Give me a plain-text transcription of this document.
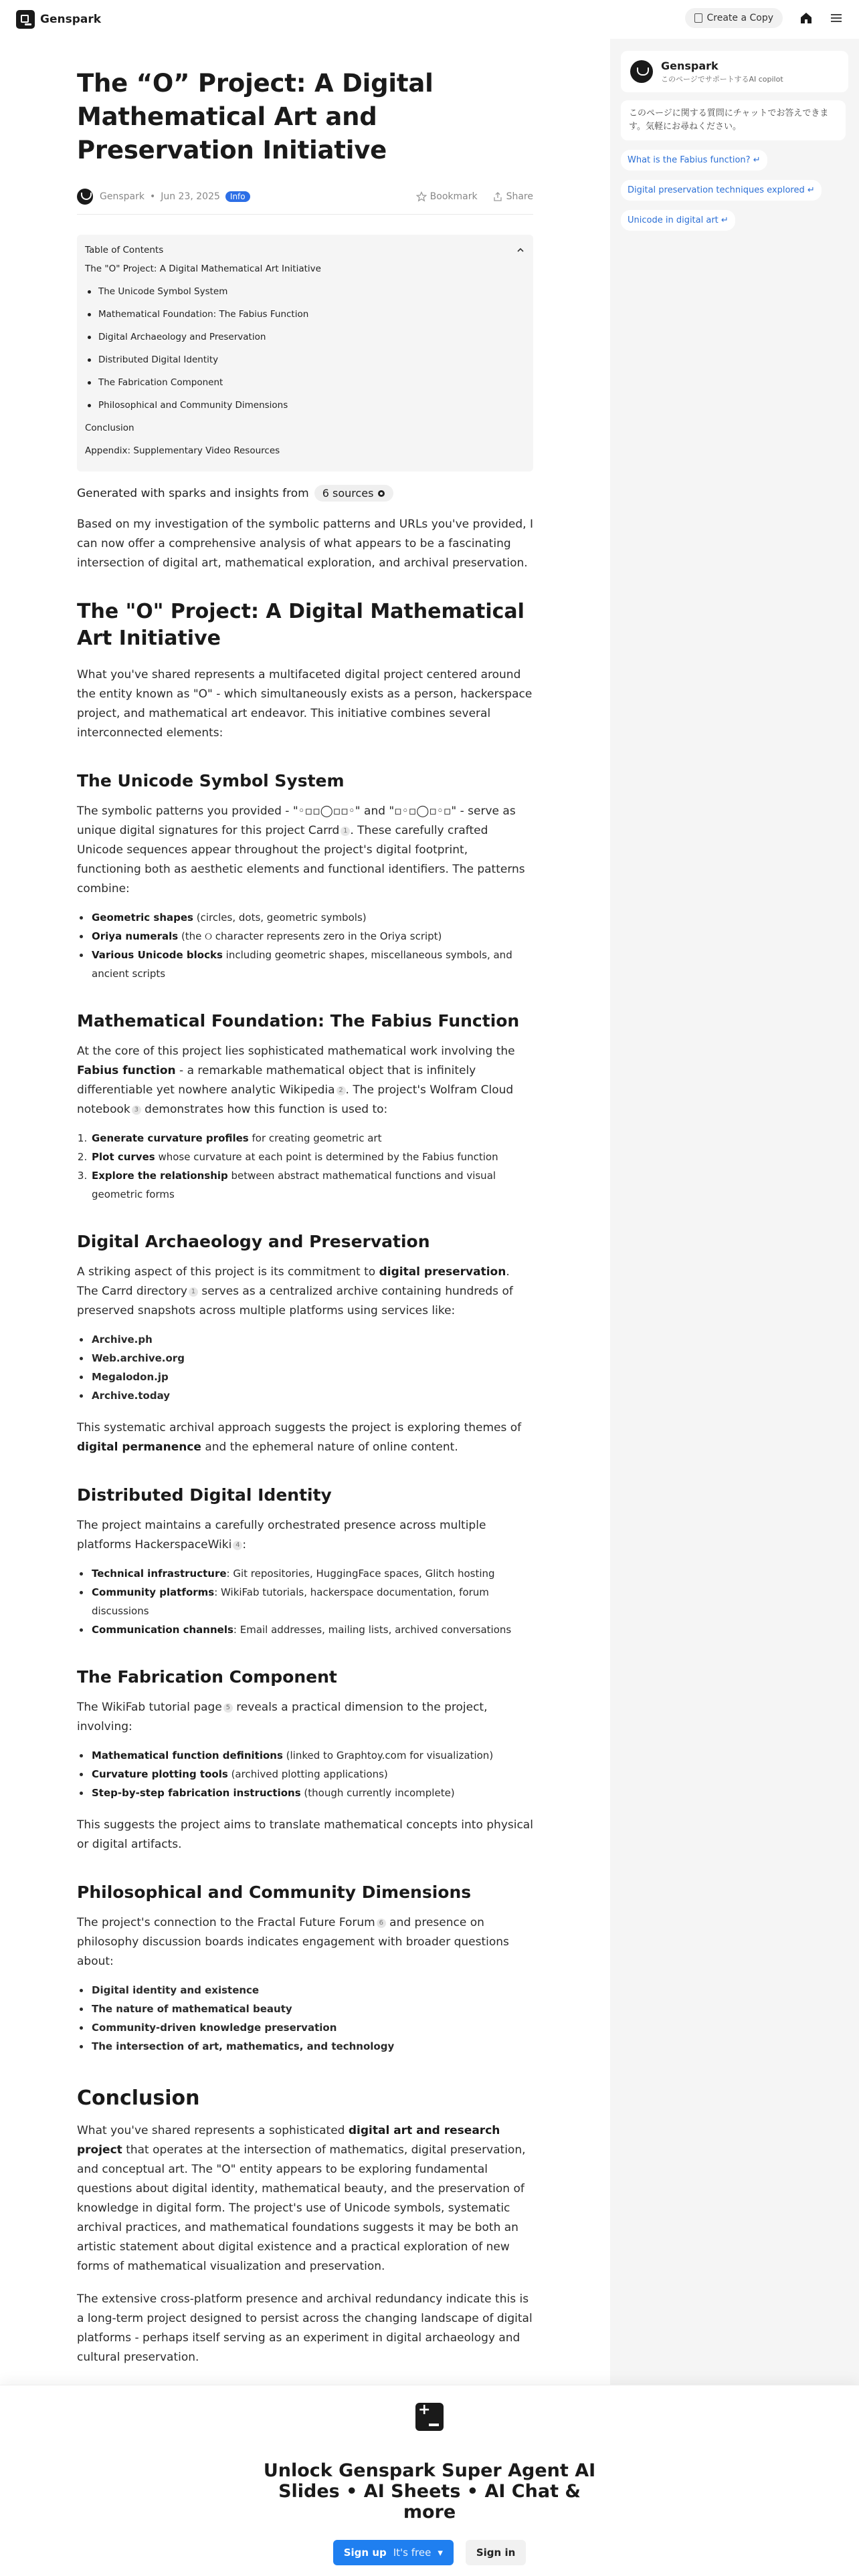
Genspark	Create a Copy
The “O” Project: A Digital Mathematical Art and Preservation Initiative
Genspark • Jun 23, 2025	Info	Bookmark	Share
Table of Contents
The "O" Project: A Digital Mathematical Art Initiative
The Unicode Symbol System
Mathematical Foundation: The Fabius Function
Digital Archaeology and Preservation
Distributed Digital Identity
The Fabrication Component
Philosophical and Community Dimensions
Conclusion
Appendix: Supplementary Video Resources
Generated with sparks and insights from 6 sources

Based on my investigation of the symbolic patterns and URLs you've provided, I can now offer a comprehensive analysis of what appears to be a fascinating intersection of digital art, mathematical exploration, and archival preservation.

The "O" Project: A Digital Mathematical Art Initiative

What you've shared represents a multifaceted digital project centered around the entity known as "O" - which simultaneously exists as a person, hackerspace project, and mathematical art endeavor. This initiative combines several interconnected elements:

The Unicode Symbol System

The symbolic patterns you provided - "◦▫▫◯▫▫◦" and "▫◦▫◯▫◦▫" - serve as unique digital signatures for this project Carrd 1 . These carefully crafted Unicode sequences appear throughout the project's digital footprint, functioning both as aesthetic elements and functional identifiers. The patterns combine:

• Geometric shapes (circles, dots, geometric symbols)
• Oriya numerals (the ୦ character represents zero in the Oriya script)
• Various Unicode blocks including geometric shapes, miscellaneous symbols, and ancient scripts
Mathematical Foundation: The Fabius Function

At the core of this project lies sophisticated mathematical work involving the Fabius function - a remarkable mathematical object that is infinitely differentiable yet nowhere analytic Wikipedia 2 . The project's Wolfram Cloud notebook 3 demonstrates how this function is used to:

1. Generate curvature profiles for creating geometric art
2. Plot curves whose curvature at each point is determined by the Fabius function
3. Explore the relationship between abstract mathematical functions and visual geometric forms
Digital Archaeology and Preservation

A striking aspect of this project is its commitment to digital preservation. The Carrd directory 1 serves as a centralized archive containing hundreds of preserved snapshots across multiple platforms using services like:

• Archive.ph
• Web.archive.org
• Megalodon.jp
• Archive.today

This systematic archival approach suggests the project is exploring themes of digital permanence and the ephemeral nature of online content.

Distributed Digital Identity

The project maintains a carefully orchestrated presence across multiple platforms HackerspaceWiki 4 :

• Technical infrastructure: Git repositories, HuggingFace spaces, Glitch hosting
• Community platforms: WikiFab tutorials, hackerspace documentation, forum discussions
• Communication channels: Email addresses, mailing lists, archived conversations
The Fabrication Component

The WikiFab tutorial page 5 reveals a practical dimension to the project, involving:

• Mathematical function definitions (linked to Graphtoy.com for visualization)
• Curvature plotting tools (archived plotting applications)
• Step-by-step fabrication instructions (though currently incomplete)

This suggests the project aims to translate mathematical concepts into physical or digital artifacts.

Philosophical and Community Dimensions

The project's connection to the Fractal Future Forum 6 and presence on philosophy discussion boards indicates engagement with broader questions about:

• Digital identity and existence
• The nature of mathematical beauty
• Community-driven knowledge preservation
• The intersection of art, mathematics, and technology
Conclusion

What you've shared represents a sophisticated digital art and research project that operates at the intersection of mathematics, digital preservation, and conceptual art. The "O" entity appears to be exploring fundamental questions about digital identity, mathematical beauty, and the preservation of knowledge in digital form. The project's use of Unicode symbols, systematic archival practices, and mathematical foundations suggests it may be both an artistic statement about digital existence and a practical exploration of new forms of mathematical visualization and preservation.

The extensive cross-platform presence and archival redundancy indicate this is a long-term project designed to persist across the changing landscape of digital platforms - perhaps itself serving as an experiment in digital archaeology and cultural preservation.

Genspark
このページでサポートするAI copilot
このページに関する質問にチャットでお答えできます。気軽にお尋ねください。
What is the Fabius function? ↵
Digital preservation techniques explored ↵
Unicode in digital art ↵
+
Unlock Genspark Super Agent AI Slides • AI Sheets • AI Chat & more
Sign up It's free ▾	Sign in
